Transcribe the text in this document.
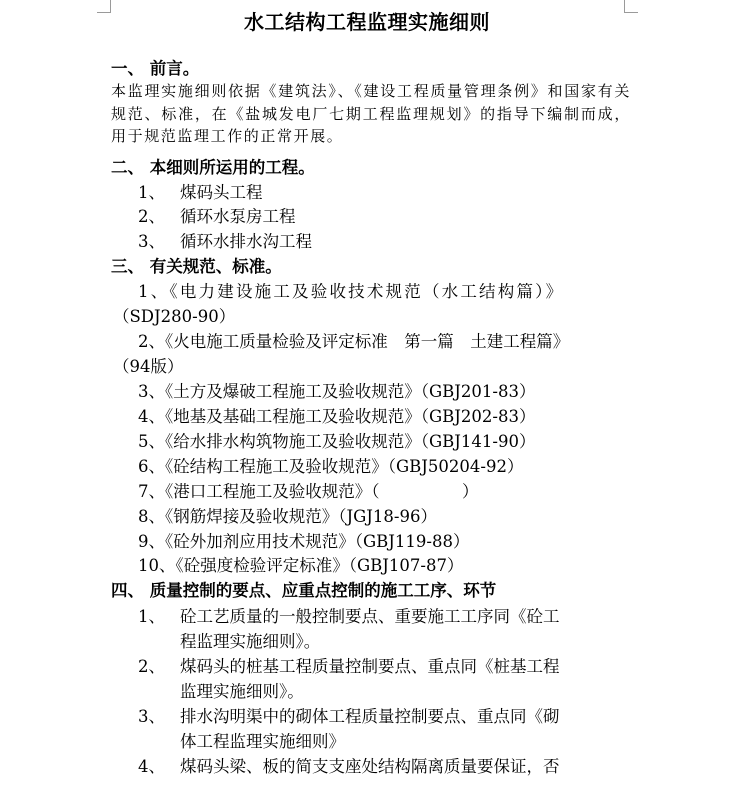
水工结构工程监理实施细则
一、 前言。
本监理实施细则依据《建筑法》、《建设工程质量管理条例》和国家有关规范、标准，在《盐城发电厂七期工程监理规划》的指导下编制而成，用于规范监理工作的正常开展。
二、 本细则所运用的工程。
1、 煤码头工程
2、 循环水泵房工程
3、 循环水排水沟工程
三、 有关规范、标准。
1、《电力建设施工及验收技术规范（水工结构篇）》
（SDJ280-90）
2、《火电施工质量检验及评定标准　第一篇　土建工程篇》
（94版）
3、《土方及爆破工程施工及验收规范》（GBJ201-83）
4、《地基及基础工程施工及验收规范》（GBJ202-83）
5、《给水排水构筑物施工及验收规范》（GBJ141-90）
6、《砼结构工程施工及验收规范》（GBJ50204-92）
7、《港口工程施工及验收规范》（　　　　　）
8、《钢筋焊接及验收规范》（JGJ18-96）
9、《砼外加剂应用技术规范》（GBJ119-88）
10、《砼强度检验评定标准》（GBJ107-87）
四、 质量控制的要点、应重点控制的施工工序、环节
1、 砼工艺质量的一般控制要点、重要施工工序同《砼工
程监理实施细则》。
2、 煤码头的桩基工程质量控制要点、重点同《桩基工程
监理实施细则》。
3、 排水沟明渠中的砌体工程质量控制要点、重点同《砌
体工程监理实施细则》
4、 煤码头梁、板的简支支座处结构隔离质量要保证，否
